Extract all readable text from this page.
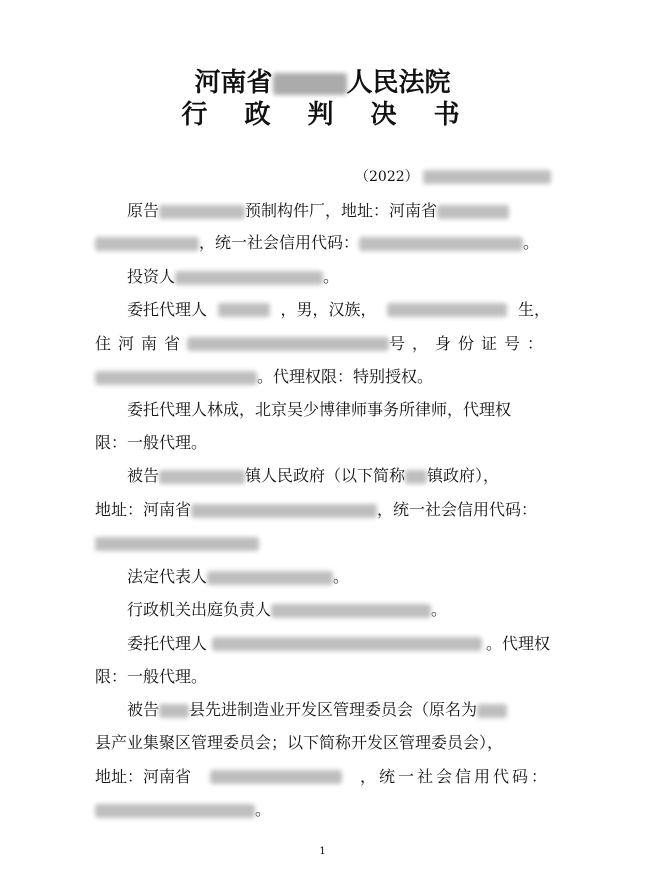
河南省	人民法院
行 政 判 决 书
（2022）
原告	预制构件厂，地址：河南省
，统一社会信用代码：	。
投资人	。
委托代理人	，男，汉族，	生，
住河南省	号，身份证号：
。代理权限：特别授权。
委托代理人林成，北京吴少博律师事务所律师，代理权
限：一般代理。
被告	镇人民政府（以下简称 镇政府），
地址：河南省	，统一社会信用代码：
法定代表人	。
行政机关出庭负责人	。
委托代理人	。代理权
限：一般代理。
被告 县先进制造业开发区管理委员会（原名为
县产业集聚区管理委员会；以下简称开发区管理委员会），
地址：河南省	，统一社会信用代码：
。
1
